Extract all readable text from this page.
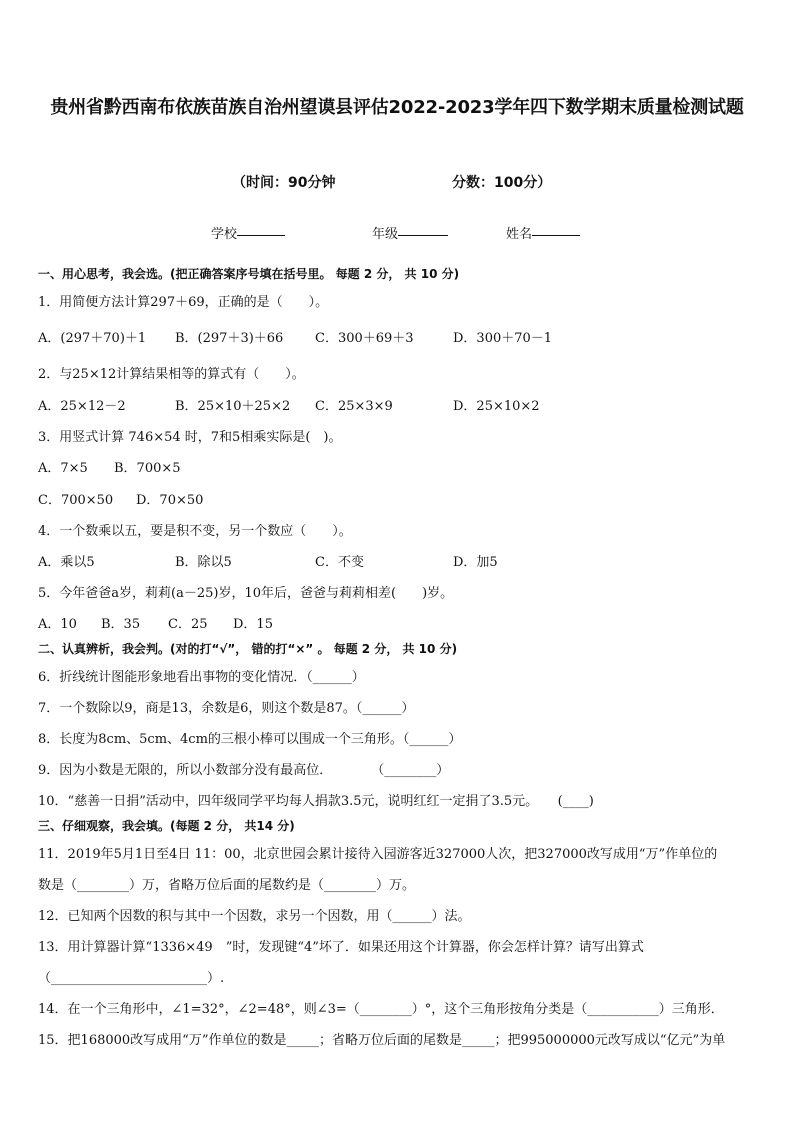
贵州省黔西南布依族苗族自治州望谟县评估2022-2023学年四下数学期末质量检测试题
（时间：90分钟	分数：100分）
学校	年级	姓名
一、用心思考，我会选。(把正确答案序号填在括号里。 每题 2 分， 共 10 分)
1．用简便方法计算297＋69，正确的是（　　）。
A．(297＋70)＋1 B．(297＋3)＋66 C．300＋69＋3	D．300＋70－1
2．与25×12计算结果相等的算式有（　　）。
A．25×12－2	B．25×10＋25×2 C．25×3×9	D．25×10×2
3．用竖式计算 746×54 时，7和5相乘实际是(　)。
A．7×5 B．700×5
C．700×50 D．70×50
4．一个数乘以五，要是积不变，另一个数应（　　）。
A．乘以5	B．除以5	C．不变	D．加5
5．今年爸爸a岁，莉莉(a－25)岁，10年后，爸爸与莉莉相差(　　)岁。
A．10 B．35 C．25 D．15
二、认真辨析，我会判。(对的打“√”， 错的打“×” 。 每题 2 分， 共 10 分)
6．折线统计图能形象地看出事物的变化情况．（______）
7．一个数除以9，商是13，余数是6，则这个数是87。（______）
8．长度为8cm、5cm、4cm的三根小棒可以围成一个三角形。（______）
9．因为小数是无限的，所以小数部分没有最高位．　　　　（________）
10．“慈善一日捐”活动中，四年级同学平均每人捐款3.5元，说明红红一定捐了3.5元。　　(____)
三、仔细观察，我会填。(每题 2 分， 共14 分)
11．2019年5月1日至4日 11：00，北京世园会累计接待入园游客近327000人次，把327000改写成用“万”作单位的
数是（________）万，省略万位后面的尾数约是（________）万。
12．已知两个因数的积与其中一个因数，求另一个因数，用（______）法。
13．用计算器计算“1336×49　”时，发现键“4”坏了．如果还用这个计算器，你会怎样计算？请写出算式
（________________________）.
14．在一个三角形中，∠1=32°，∠2=48°，则∠3=（________）°，这个三角形按角分类是（___________）三角形．
15．把168000改写成用“万”作单位的数是_____；省略万位后面的尾数是_____；把995000000元改写成以“亿元”为单
